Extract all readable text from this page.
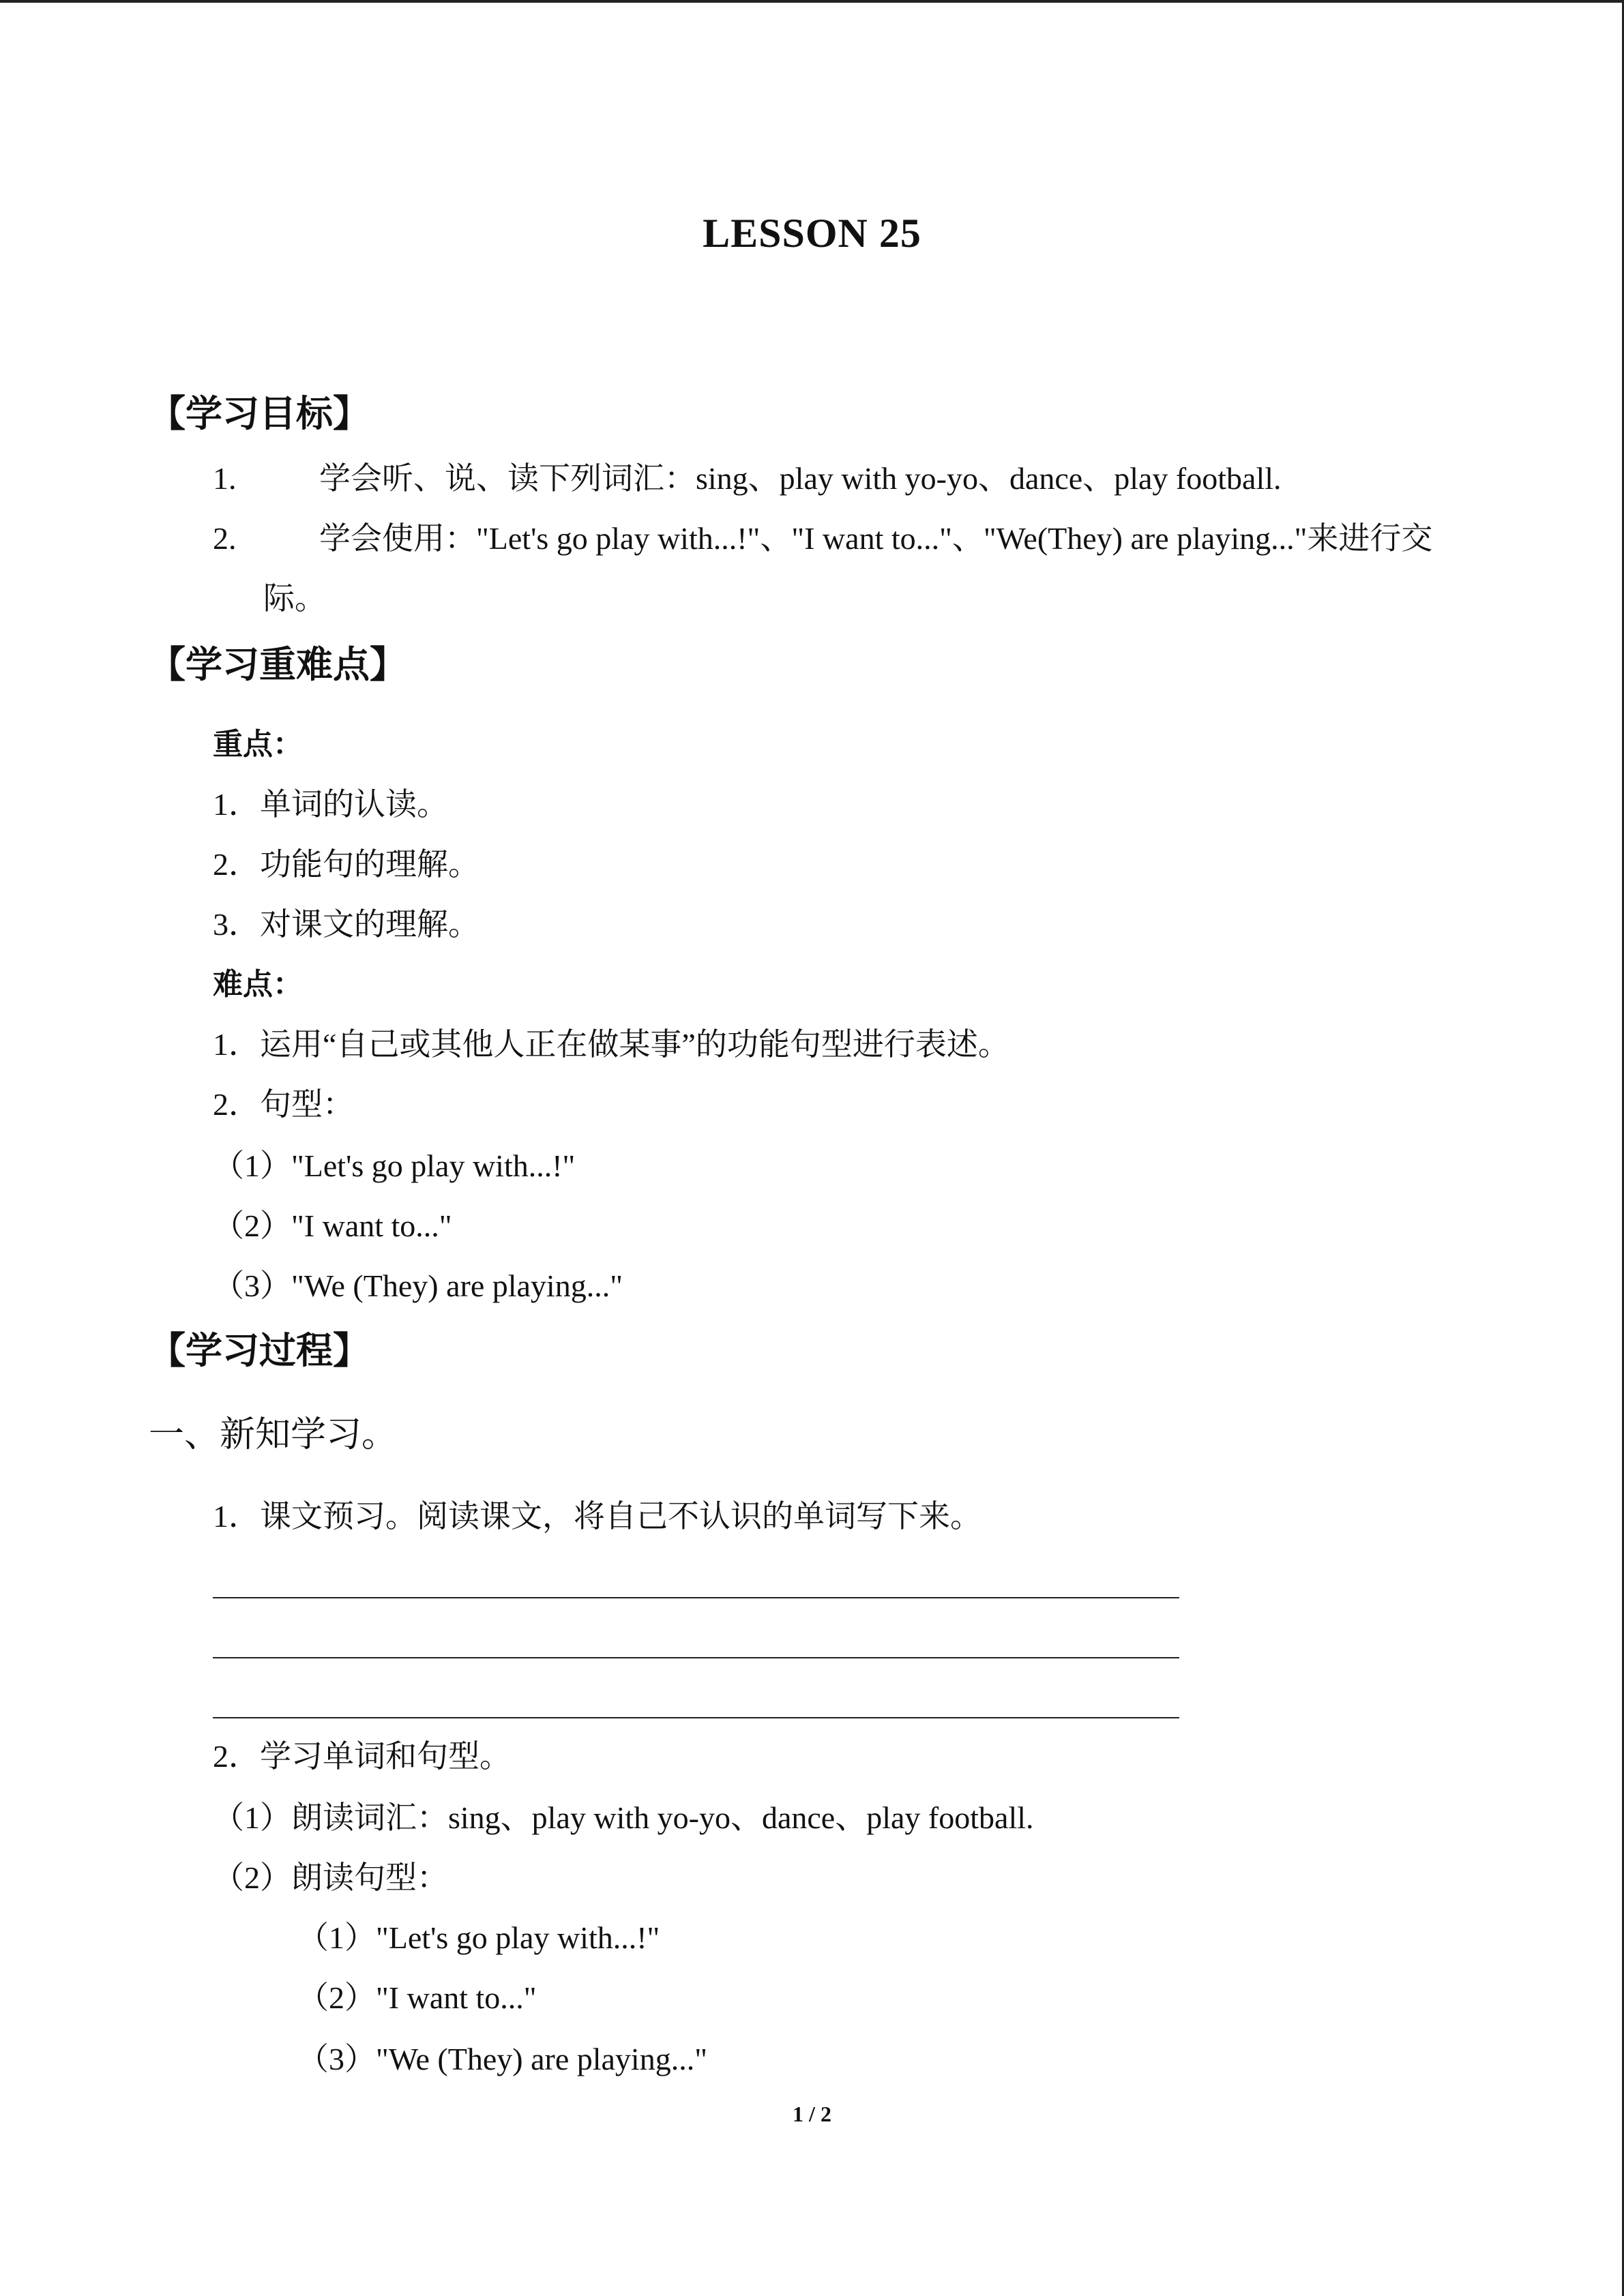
LESSON 25
【学习目标】
1.	学会听、说、读下列词汇：sing、play with yo-yo、dance、play football.
2.	学会使用："Let's go play with...!"、"I want to..."、"We(They) are playing..."来进行交
际。
【学习重难点】
重点：
1．单词的认读。
2．功能句的理解。
3．对课文的理解。
难点：
1．运用“自己或其他人正在做某事”的功能句型进行表述。
2．句型：
（1）"Let's go play with...!"
（2）"I want to..."
（3）"We (They) are playing..."
【学习过程】
一、新知学习。
1．课文预习。阅读课文，将自己不认识的单词写下来。
2．学习单词和句型。
（1）朗读词汇：sing、play with yo-yo、dance、play football.
（2）朗读句型：
（1）"Let's go play with...!"
（2）"I want to..."
（3）"We (They) are playing..."
1 / 2
